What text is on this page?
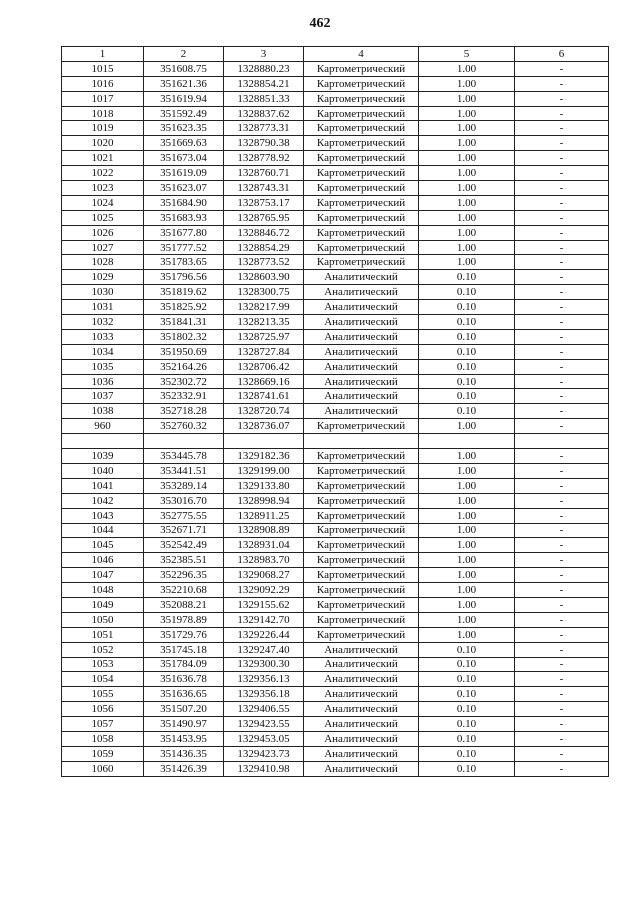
462
1	2	3	4	5	6
1015	351608.75	1328880.23	Картометрический	1.00	-
1016	351621.36	1328854.21	Картометрический	1.00	-
1017	351619.94	1328851.33	Картометрический	1.00	-
1018	351592.49	1328837.62	Картометрический	1.00	-
1019	351623.35	1328773.31	Картометрический	1.00	-
1020	351669.63	1328790.38	Картометрический	1.00	-
1021	351673.04	1328778.92	Картометрический	1.00	-
1022	351619.09	1328760.71	Картометрический	1.00	-
1023	351623.07	1328743.31	Картометрический	1.00	-
1024	351684.90	1328753.17	Картометрический	1.00	-
1025	351683.93	1328765.95	Картометрический	1.00	-
1026	351677.80	1328846.72	Картометрический	1.00	-
1027	351777.52	1328854.29	Картометрический	1.00	-
1028	351783.65	1328773.52	Картометрический	1.00	-
1029	351796.56	1328603.90	Аналитический	0.10	-
1030	351819.62	1328300.75	Аналитический	0.10	-
1031	351825.92	1328217.99	Аналитический	0.10	-
1032	351841.31	1328213.35	Аналитический	0.10	-
1033	351802.32	1328725.97	Аналитический	0.10	-
1034	351950.69	1328727.84	Аналитический	0.10	-
1035	352164.26	1328706.42	Аналитический	0.10	-
1036	352302.72	1328669.16	Аналитический	0.10	-
1037	352332.91	1328741.61	Аналитический	0.10	-
1038	352718.28	1328720.74	Аналитический	0.10	-
960	352760.32	1328736.07	Картометрический	1.00	-

1039	353445.78	1329182.36	Картометрический	1.00	-
1040	353441.51	1329199.00	Картометрический	1.00	-
1041	353289.14	1329133.80	Картометрический	1.00	-
1042	353016.70	1328998.94	Картометрический	1.00	-
1043	352775.55	1328911.25	Картометрический	1.00	-
1044	352671.71	1328908.89	Картометрический	1.00	-
1045	352542.49	1328931.04	Картометрический	1.00	-
1046	352385.51	1328983.70	Картометрический	1.00	-
1047	352296.35	1329068.27	Картометрический	1.00	-
1048	352210.68	1329092.29	Картометрический	1.00	-
1049	352088.21	1329155.62	Картометрический	1.00	-
1050	351978.89	1329142.70	Картометрический	1.00	-
1051	351729.76	1329226.44	Картометрический	1.00	-
1052	351745.18	1329247.40	Аналитический	0.10	-
1053	351784.09	1329300.30	Аналитический	0.10	-
1054	351636.78	1329356.13	Аналитический	0.10	-
1055	351636.65	1329356.18	Аналитический	0.10	-
1056	351507.20	1329406.55	Аналитический	0.10	-
1057	351490.97	1329423.55	Аналитический	0.10	-
1058	351453.95	1329453.05	Аналитический	0.10	-
1059	351436.35	1329423.73	Аналитический	0.10	-
1060	351426.39	1329410.98	Аналитический	0.10	-
